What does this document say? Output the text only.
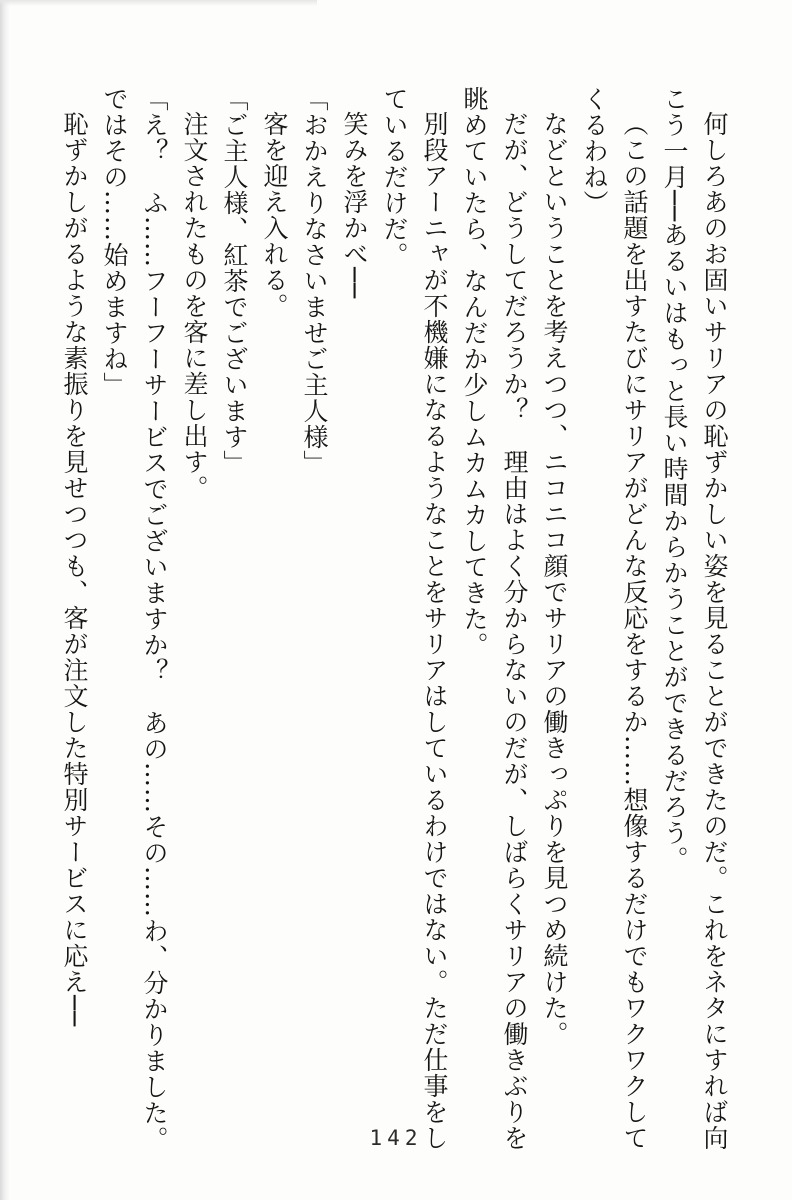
何しろあのお固いサリアの恥ずかしい姿を見ることができたのだ。これをネタにすれば向こう一月──あるいはもっと長い時間からかうことができるだろう。

（この話題を出すたびにサリアがどんな反応をするか……想像するだけでもワクワクしてくるわね）

などということを考えつつ、ニコニコ顔でサリアの働きっぷりを見つめ続けた。

だが、どうしてだろうか？　理由はよく分からないのだが、しばらくサリアの働きぶりを眺めていたら、なんだか少しムカムカしてきた。

別段アーニャが不機嫌になるようなことをサリアはしているわけではない。ただ仕事をしているだけだ。

笑みを浮かべ──

「おかえりなさいませご主人様」

客を迎え入れる。

「ご主人様、紅茶でございます」

注文されたものを客に差し出す。

「え？　ふ……フーフーサービスでございますか？　あの……その……わ、分かりました。ではその……始めますね」

恥ずかしがるような素振りを見せつつも、客が注文した特別サービスに応え──

142
